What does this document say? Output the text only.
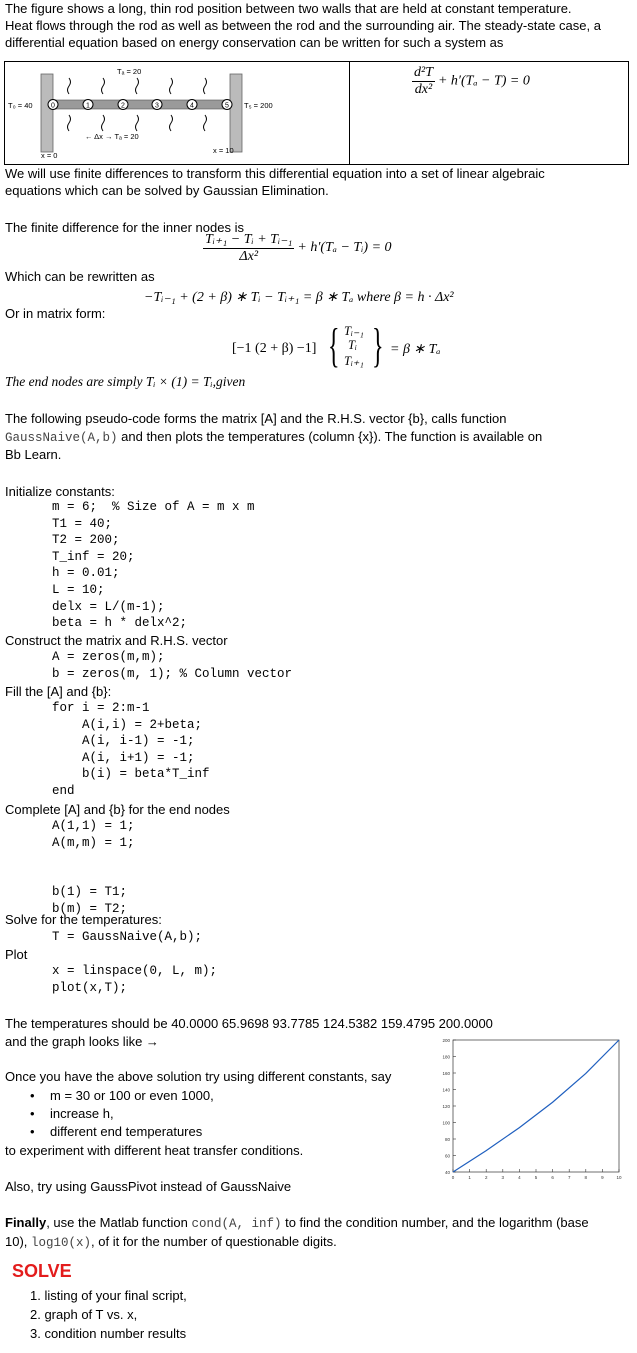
The figure shows a long, thin rod position between two walls that are held at constant temperature.

Heat flows through the rod as well as between the rod and the surrounding air. The steady-state case, a

differential equation based on energy conservation can be written for such a system as

0	1	2	3	4	5
Tₐ = 20
T₀ = 40	T₅ = 200
← Δx → Tₐ = 20
x = 0
x = 10
$\frac{\text{d²T}}{\text{dx²}} + h'(T_a - T) = 0$

We will use finite differences to transform this differential equation into a set of linear algebraic

equations which can be solved by Gaussian Elimination.

The finite difference for the inner nodes is

$\frac{\text{Tᵢ₊₁ − Tᵢ + Tᵢ₋₁}}{\text{Δx²}} + h'(T_a$ − Tᵢ) = 0

Which can be rewritten as

−Tᵢ₋₁ + (2 + β) ∗ Tᵢ − Tᵢ₊₁ = β ∗ Tₐ where β = h · Δx²

Or in matrix form:

[−1 (2 + β) −1] { Tᵢ₋₁
Tᵢ
Tᵢ₊₁ } = β ∗ Tₐ
The end nodes are simply Tᵢ × (1) = Tᵢ,given

The following pseudo-code forms the matrix [A] and the R.H.S. vector {b}, calls function

GaussNaive(A,b) and then plots the temperatures (column {x}). The function is available on

Bb Learn.

Initialize constants:

m = 6;  % Size of A = m x m
T1 = 40;
T2 = 200;
T_inf = 20;
h = 0.01;
L = 10;
delx = L/(m-1);
beta = h * delx^2;

Construct the matrix and R.H.S. vector

A = zeros(m,m);
b = zeros(m, 1); % Column vector

Fill the [A] and {b}:

for i = 2:m-1
A(i,i) = 2+beta;
A(i, i-1) = -1;
A(i, i+1) = -1;
b(i) = beta*T_inf
end

Complete [A] and {b} for the end nodes

A(1,1) = 1;
A(m,m) = 1;

b(1) = T1;
b(m) = T2;

Solve for the temperatures:

T = GaussNaive(A,b);

Plot

x = linspace(0, L, m);
plot(x,T);

The temperatures should be 40.0000 65.9698 93.7785 124.5382 159.4795 200.0000

and the graph looks like →

40
60
80
100
120
140
160
180
200
0	1	2	3	4	5	6	7	8	9	10

Once you have the above solution try using different constants, say

• m = 30 or 100 or even 1000,
• increase h,
• different end temperatures

to experiment with different heat transfer conditions.

Also, try using GaussPivot instead of GaussNaive

Finally, use the Matlab function cond(A, inf) to find the condition number, and the logarithm (base

10), log10(x), of it for the number of questionable digits.

SOLVE
1. listing of your final script,
2. graph of T vs. x,
3. condition number results
